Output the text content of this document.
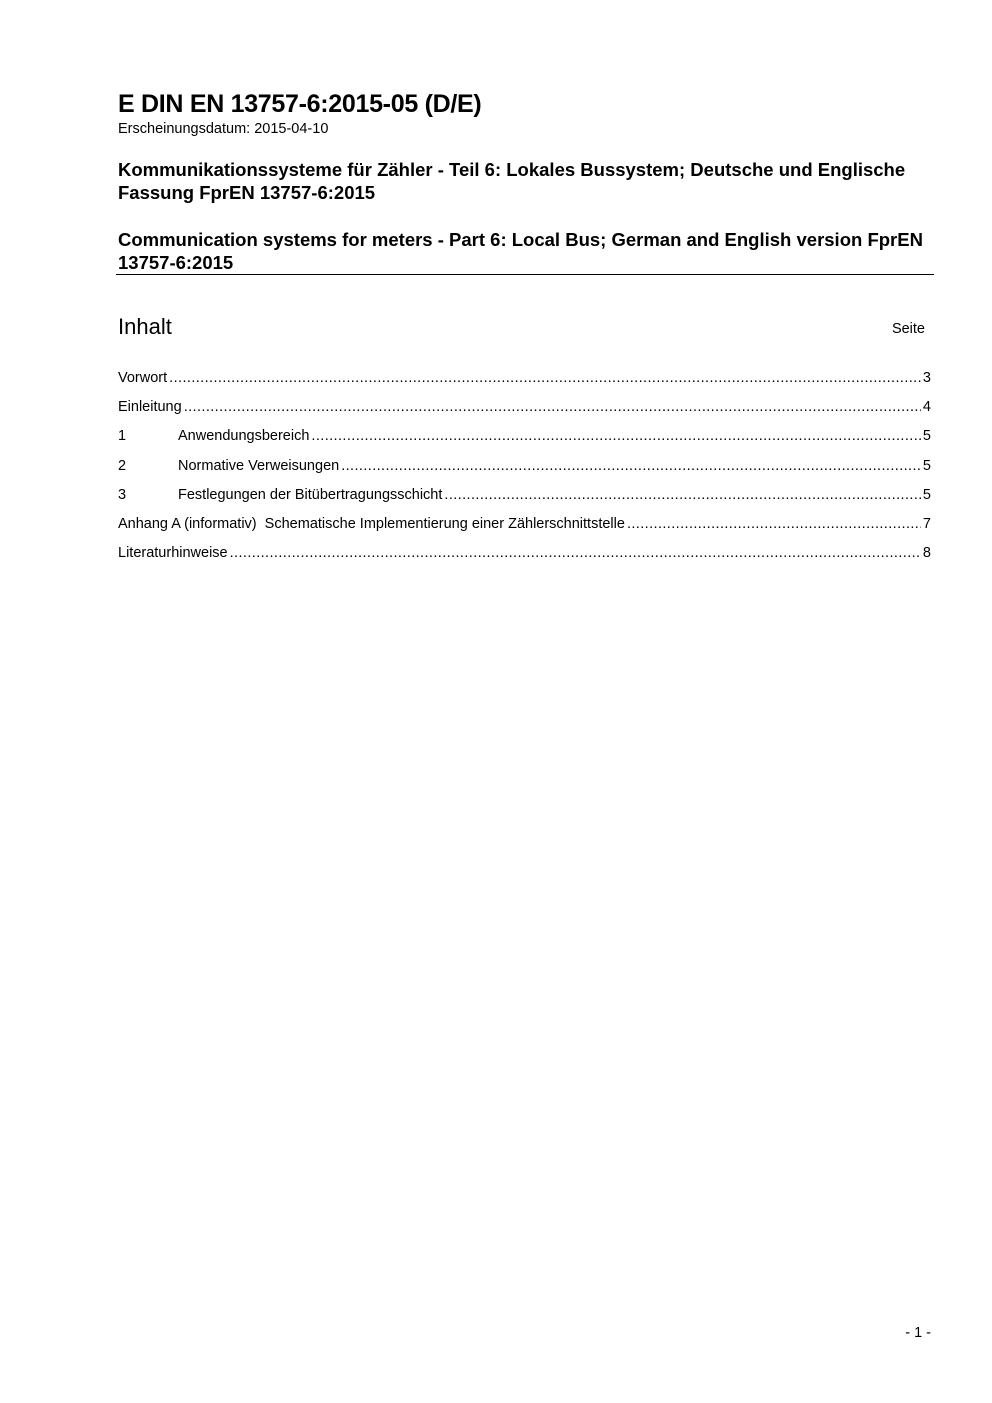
E DIN EN 13757-6:2015-05 (D/E)
Erscheinungsdatum: 2015-04-10
Kommunikationssysteme für Zähler - Teil 6: Lokales Bussystem; Deutsche und Englische Fassung FprEN 13757-6:2015
Communication systems for meters - Part 6: Local Bus; German and English version FprEN 13757-6:2015
Inhalt	Seite
Vorwort .....	3
Einleitung .....	4
1	Anwendungsbereich .....	5
2	Normative Verweisungen .....	5
3	Festlegungen der Bitübertragungsschicht .....	5
Anhang A (informativ)  Schematische Implementierung einer Zählerschnittstelle .....	7
Literaturhinweise .....	8
- 1 -
